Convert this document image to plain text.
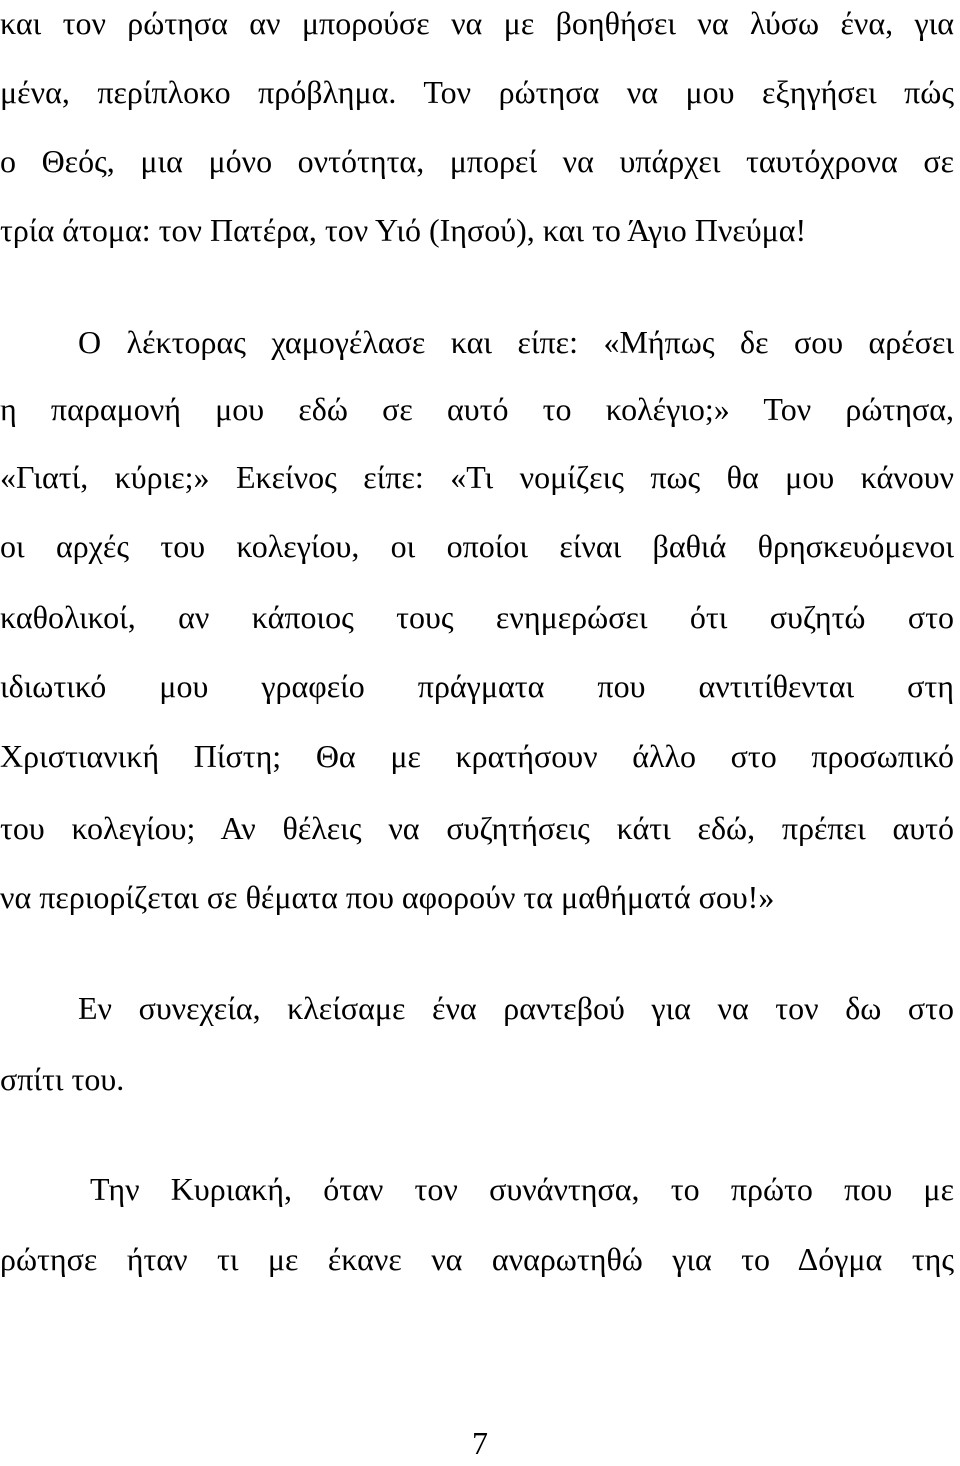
και τον ρώτησα αν μπορούσε να με βοηθήσει να λύσω ένα, για
μένα, περίπλοκο πρόβλημα. Τον ρώτησα να μου εξηγήσει πώς
ο Θεός, μια μόνο οντότητα, μπορεί να υπάρχει ταυτόχρονα σε
τρία άτομα: τον Πατέρα, τον Υιό (Ιησού), και το Άγιο Πνεύμα!
Ο λέκτορας χαμογέλασε και είπε: «Μήπως δε σου αρέσει
η παραμονή μου εδώ σε αυτό το κολέγιο;» Τον ρώτησα,
«Γιατί, κύριε;» Εκείνος είπε: «Τι νομίζεις πως θα μου κάνουν
οι αρχές του κολεγίου, οι οποίοι είναι βαθιά θρησκευόμενοι
καθολικοί, αν κάποιος τους ενημερώσει ότι συζητώ στο
ιδιωτικό μου γραφείο πράγματα που αντιτίθενται στη
Χριστιανική Πίστη; Θα με κρατήσουν άλλο στο προσωπικό
του κολεγίου; Αν θέλεις να συζητήσεις κάτι εδώ, πρέπει αυτό
να περιορίζεται σε θέματα που αφορούν τα μαθήματά σου!»
Εν συνεχεία, κλείσαμε ένα ραντεβού για να τον δω στο
σπίτι του.
Την Κυριακή, όταν τον συνάντησα, το πρώτο που με
ρώτησε ήταν τι με έκανε να αναρωτηθώ για το Δόγμα της
7
